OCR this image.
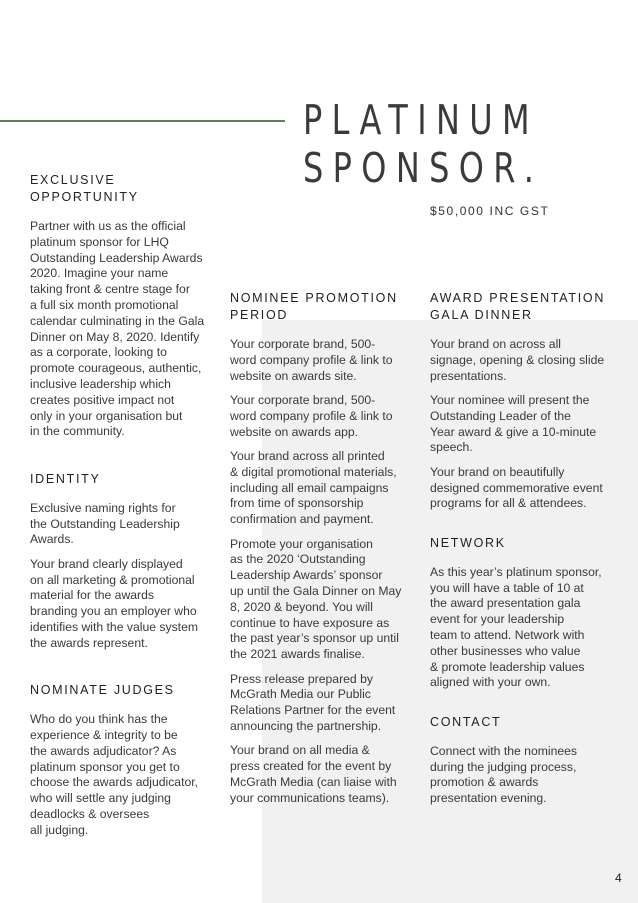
PLATINUM
SPONSOR.
$50,000 INC GST
EXCLUSIVE
OPPORTUNITY

Partner with us as the official
platinum sponsor for LHQ
Outstanding Leadership Awards
2020. Imagine your name
taking front & centre stage for
a full six month promotional
calendar culminating in the Gala
Dinner on May 8, 2020. Identify
as a corporate, looking to
promote courageous, authentic,
inclusive leadership which
creates positive impact not
only in your organisation but
in the community.

IDENTITY

Exclusive naming rights for
the Outstanding Leadership
Awards.

Your brand clearly displayed
on all marketing & promotional
material for the awards
branding you an employer who
identifies with the value system
the awards represent.

NOMINATE JUDGES

Who do you think has the
experience & integrity to be
the awards adjudicator? As
platinum sponsor you get to
choose the awards adjudicator,
who will settle any judging
deadlocks & oversees
all judging.

NOMINEE PROMOTION
PERIOD

Your corporate brand, 500-
word company profile & link to
website on awards site.

Your corporate brand, 500-
word company profile & link to
website on awards app.

Your brand across all printed
& digital promotional materials,
including all email campaigns
from time of sponsorship
confirmation and payment.

Promote your organisation
as the 2020 ‘Outstanding
Leadership Awards’ sponsor
up until the Gala Dinner on May
8, 2020 & beyond. You will
continue to have exposure as
the past year’s sponsor up until
the 2021 awards finalise.

Press release prepared by
McGrath Media our Public
Relations Partner for the event
announcing the partnership.

Your brand on all media &
press created for the event by
McGrath Media (can liaise with
your communications teams).

AWARD PRESENTATION
GALA DINNER

Your brand on across all
signage, opening & closing slide
presentations.

Your nominee will present the
Outstanding Leader of the
Year award & give a 10-minute
speech.

Your brand on beautifully
designed commemorative event
programs for all & attendees.

NETWORK

As this year’s platinum sponsor,
you will have a table of 10 at
the award presentation gala
event for your leadership
team to attend. Network with
other businesses who value
& promote leadership values
aligned with your own.

CONTACT

Connect with the nominees
during the judging process,
promotion & awards
presentation evening.

4
